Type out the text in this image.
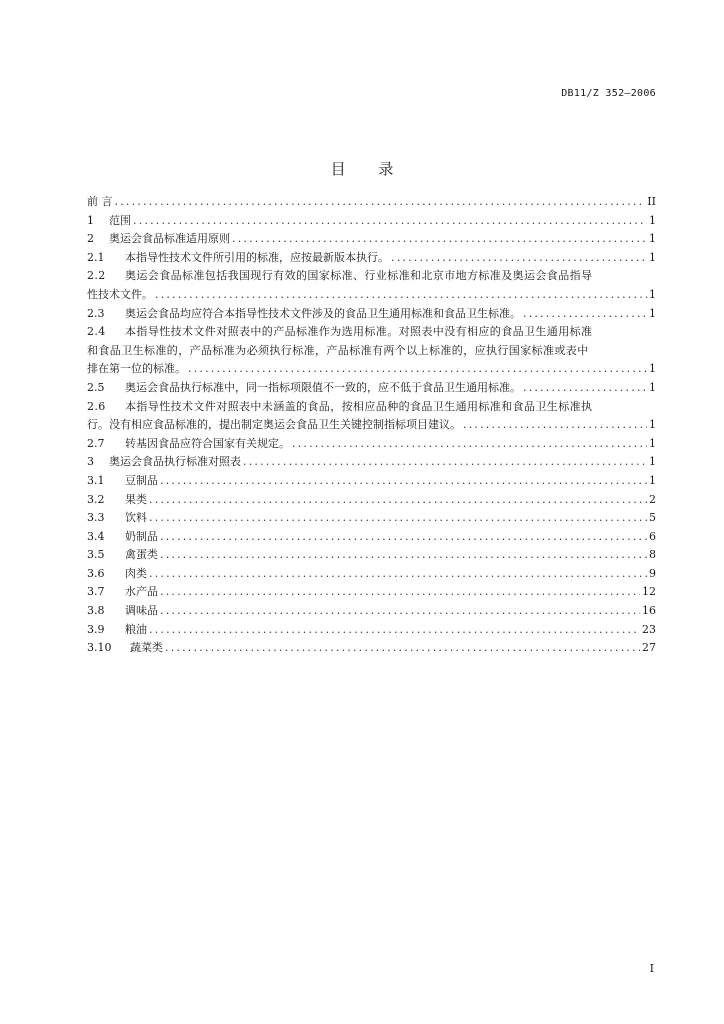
DB11/Z 352—2006
目 录
前 言 .....	II
1	范围 .....	1
2	奥运会食品标准适用原则 .....	1
2.1	本指导性技术文件所引用的标准，应按最新版本执行。 .....	1
2.2	奥运会食品标准包括我国现行有效的国家标准、行业标准和北京市地方标准及奥运会食品指导
性技术文件。 .....	1
2.3	奥运会食品均应符合本指导性技术文件涉及的食品卫生通用标准和食品卫生标准。 .....	1
2.4	本指导性技术文件对照表中的产品标准作为选用标准。对照表中没有相应的食品卫生通用标准
和食品卫生标准的，产品标准为必须执行标准，产品标准有两个以上标准的，应执行国家标准或表中
排在第一位的标准。 .....	1
2.5	奥运会食品执行标准中，同一指标项限值不一致的，应不低于食品卫生通用标准。 .....	1
2.6	本指导性技术文件对照表中未涵盖的食品，按相应品种的食品卫生通用标准和食品卫生标准执
行。没有相应食品标准的，提出制定奥运会食品卫生关键控制指标项目建议。 .....	1
2.7	转基因食品应符合国家有关规定。 .....	1
3	奥运会食品执行标准对照表 .....	1
3.1	豆制品 .....	1
3.2	果类 .....	2
3.3	饮料 .....	5
3.4	奶制品 .....	6
3.5	禽蛋类 .....	8
3.6	肉类 .....	9
3.7	水产品 .....	12
3.8	调味品 .....	16
3.9	粮油 .....	23
3.10	蔬菜类 .....	27
I
